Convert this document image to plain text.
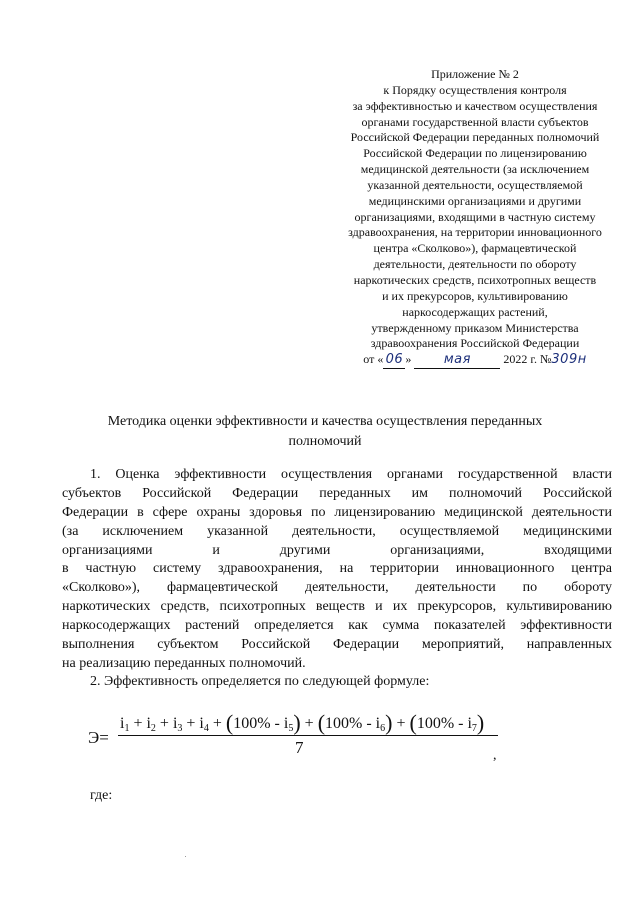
Приложение № 2
к Порядку осуществления контроля
за эффективностью и качеством осуществления
органами государственной власти субъектов
Российской Федерации переданных полномочий
Российской Федерации по лицензированию
медицинской деятельности (за исключением
указанной деятельности, осуществляемой
медицинскими организациями и другими
организациями, входящими в частную систему
здравоохранения, на территории инновационного
центра «Сколково»), фармацевтической
деятельности, деятельности по обороту
наркотических средств, психотропных веществ
и их прекурсоров, культивированию
наркосодержащих растений,
утвержденному приказом Министерства
здравоохранения Российской Федерации
от « 06 » мая	2022 г. №309н
Методика оценки эффективности и качества осуществления переданных
полномочий
1. Оценка эффективности осуществления органами государственной власти
субъектов Российской Федерации переданных им полномочий Российской
Федерации в сфере охраны здоровья по лицензированию медицинской деятельности
(за исключением указанной деятельности, осуществляемой медицинскими
организациями и другими организациями, входящими
в частную систему здравоохранения, на территории инновационного центра
«Сколково»), фармацевтической деятельности, деятельности по обороту
наркотических средств, психотропных веществ и их прекурсоров, культивированию
наркосодержащих растений определяется как сумма показателей эффективности
выполнения субъектом Российской Федерации мероприятий, направленных
на реализацию переданных полномочий.
2. Эффективность определяется по следующей формуле:
Э=
$i_1 + i_2 + i_3 + i_4 + (100\% - i_5) + (100\% - i_6) + (100\% - i_7)$
7	,
где:
